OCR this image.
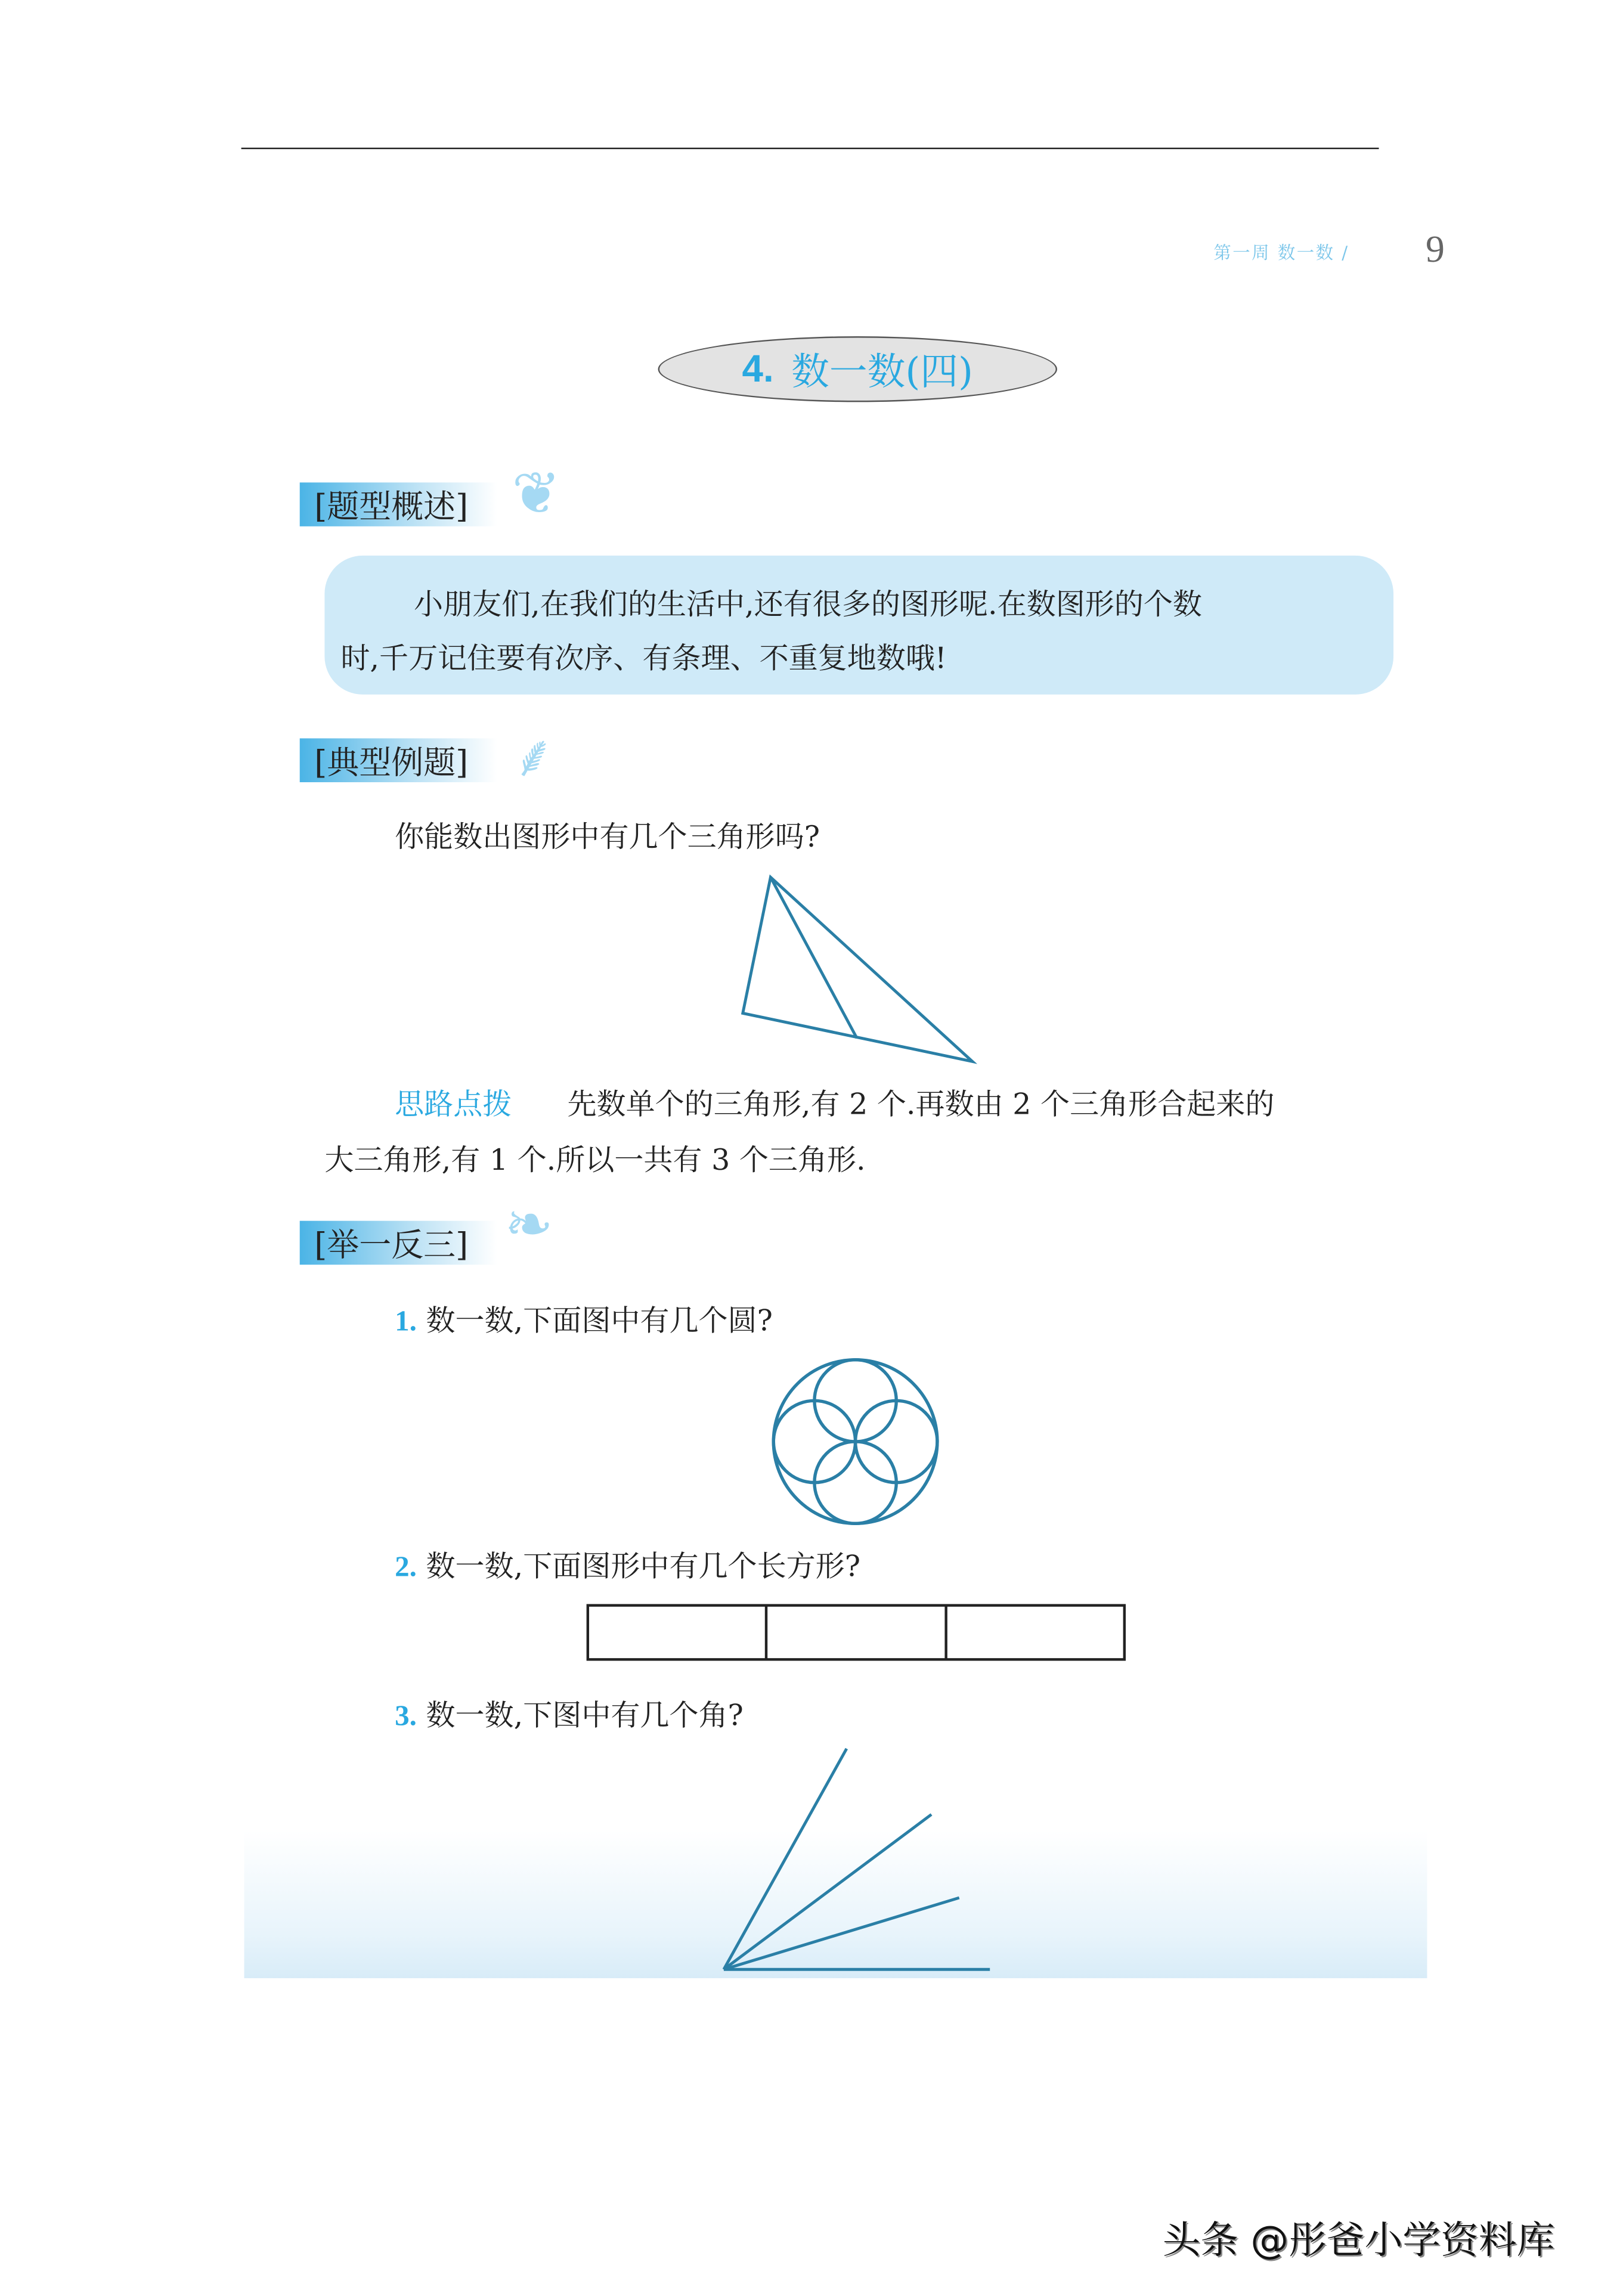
第一周 数一数 /	9
4. 数一数(四)
[题型概述]	❦
小朋友们,在我们的生活中,还有很多的图形呢.在数图形的个数
时,千万记住要有次序、有条理、不重复地数哦!
[典型例题]	⸙
你能数出图形中有几个三角形吗?
思路点拨	先数单个的三角形,有 2 个.再数由 2 个三角形合起来的
大三角形,有 1 个.所以一共有 3 个三角形.
[举一反三]	❧
1. 数一数,下面图中有几个圆?
2. 数一数,下面图形中有几个长方形?
3. 数一数,下图中有几个角?
头条 @彤爸小学资料库
